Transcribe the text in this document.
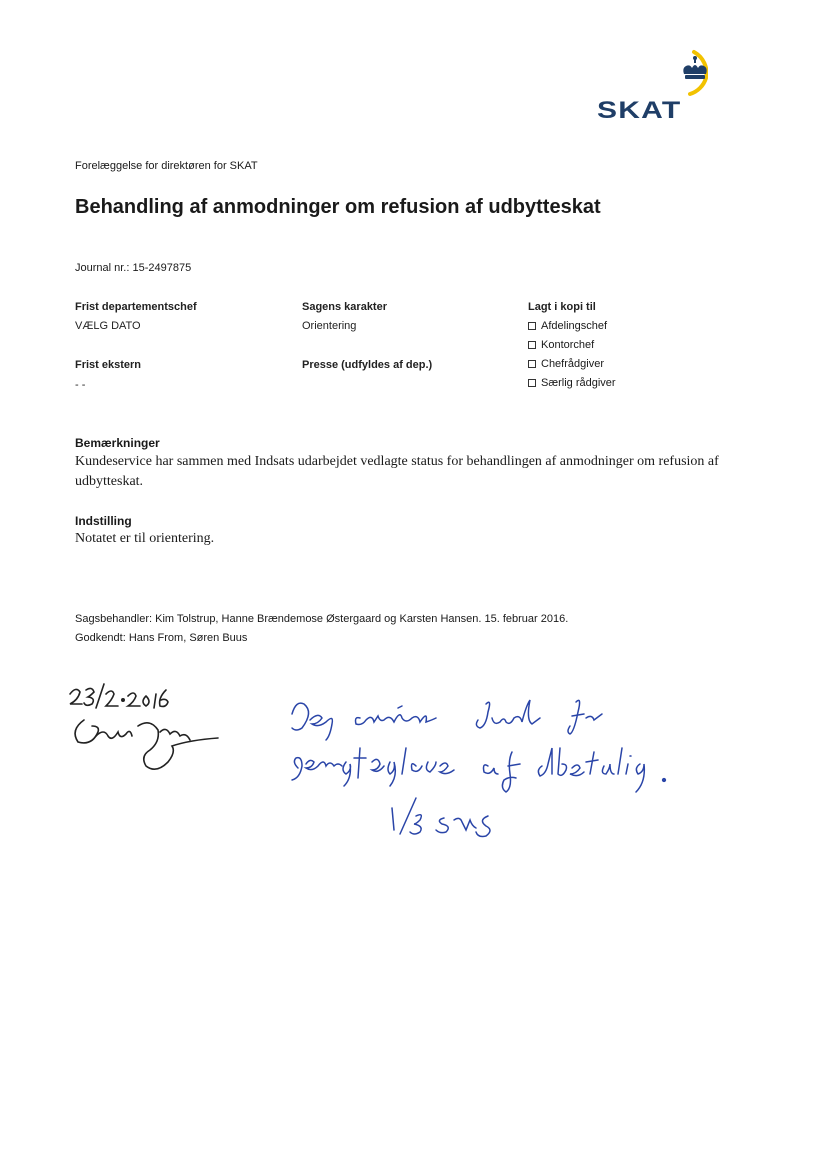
SKAT
Forelæggelse for direktøren for SKAT
Behandling af anmodninger om refusion af udbytteskat
Journal nr.: 15-2497875
Frist departementschef
VÆLG DATO
Frist ekstern
- -
Sagens karakter
Orientering
Presse (udfyldes af dep.)
Lagt i kopi til
Afdelingschef
Kontorchef
Chefrådgiver
Særlig rådgiver
Bemærkninger
Kundeservice har sammen med Indsats udarbejdet vedlagte status for behandlingen af anmodninger om refusion af udbytteskat.
Indstilling
Notatet er til orientering.
Sagsbehandler: Kim Tolstrup, Hanne Brændemose Østergaard og Karsten Hansen. 15. februar 2016.
Godkendt: Hans From, Søren Buus
